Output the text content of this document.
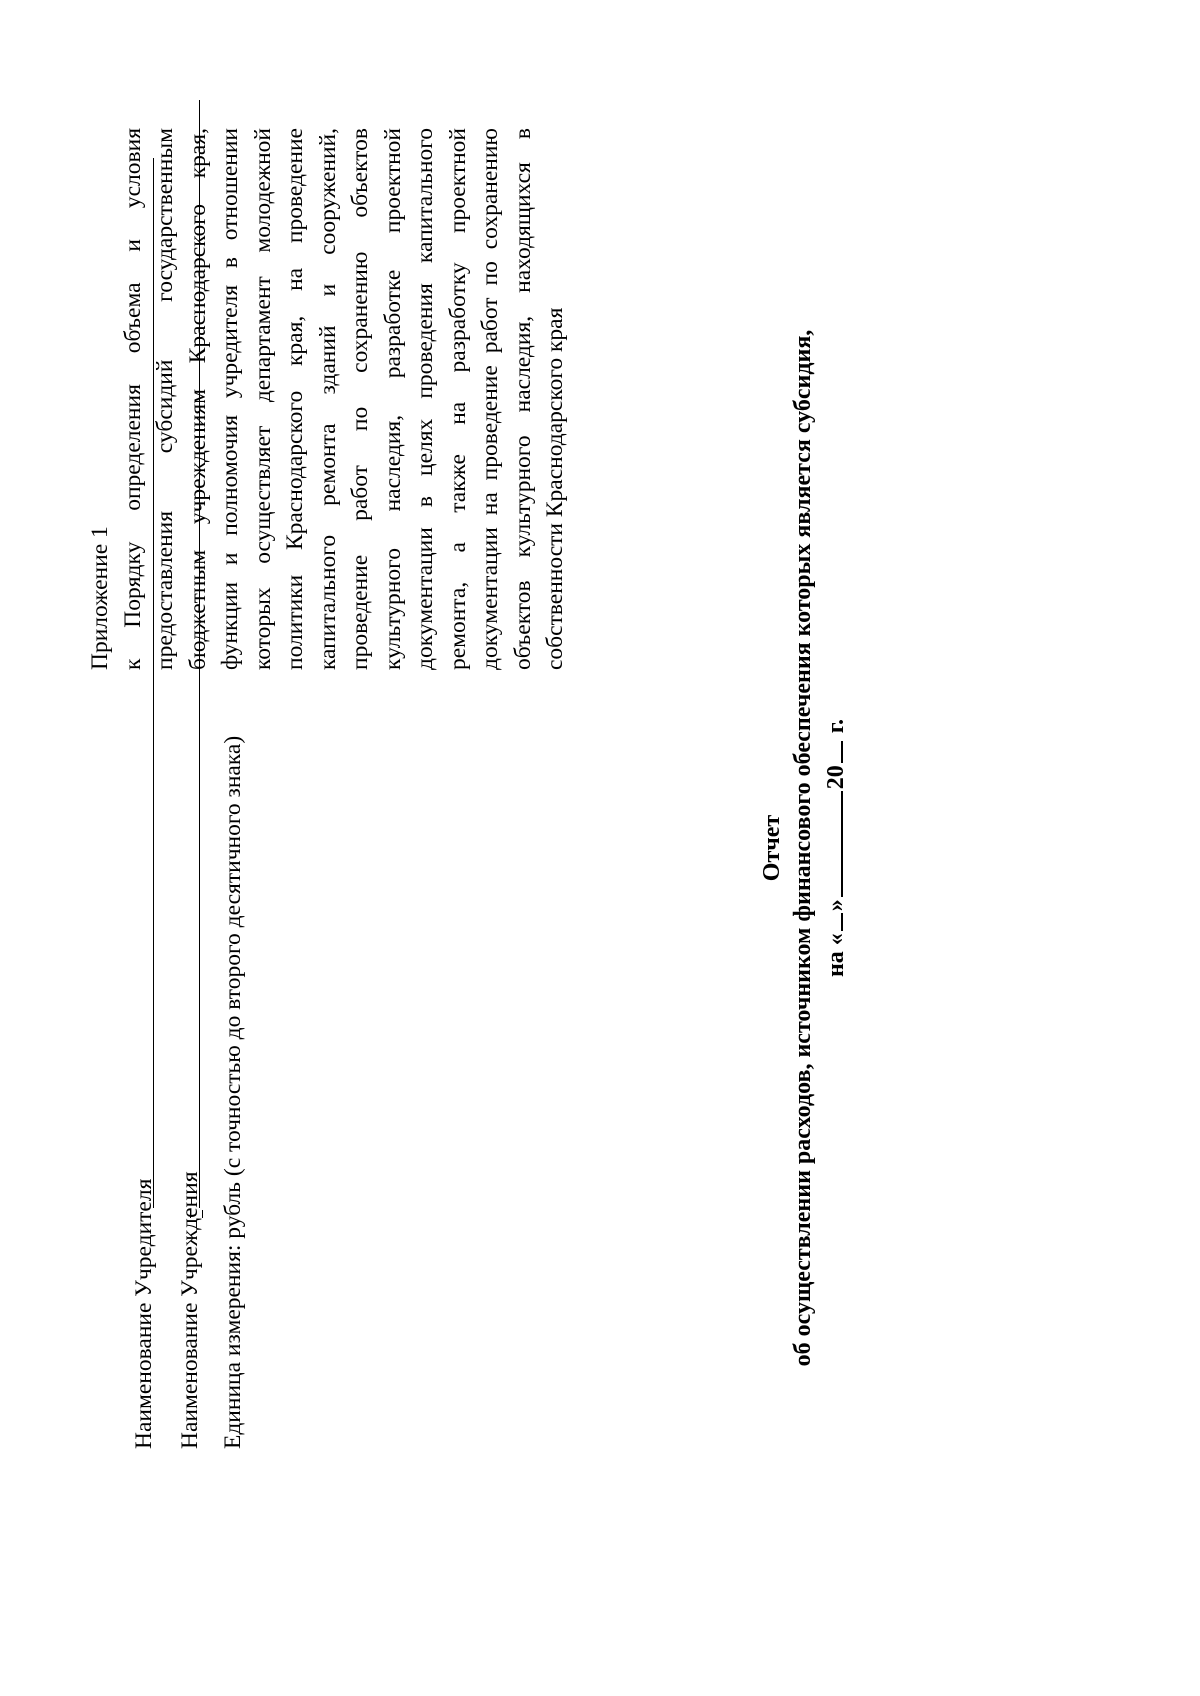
Приложение 1 к Порядку определения объема и условия предоставления субсидий государственным бюджетным учреждениям Краснодарского края, функции и полномочия учредителя в отношении которых осуществляет департамент молодежной политики Краснодарского края, на проведение капитального ремонта зданий и сооружений, проведение работ по сохранению объектов культурного наследия, разработке проектной документации в целях проведения капитального ремонта, а также на разработку проектной документации на проведение работ по сохранению объектов культурного наследия, находящихся в собственности Краснодарского края
Отчет об осуществлении расходов, источником финансового обеспечения которых является субсидия, на «»20 г.
Наименование Учредителя Наименование Учреждения Единица измерения: рубль (с точностью до второго десятичного знака)
